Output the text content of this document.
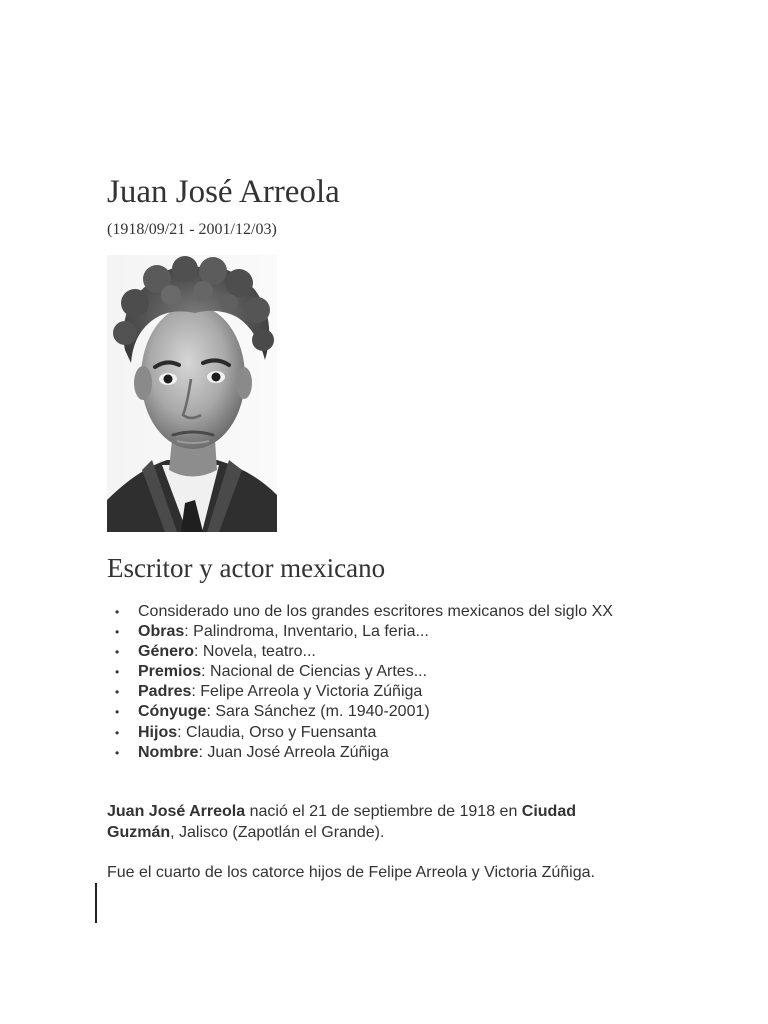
Juan José Arreola
(1918/09/21 - 2001/12/03)
Escritor y actor mexicano
• Considerado uno de los grandes escritores mexicanos del siglo XX
• Obras: Palindroma, Inventario, La feria...
• Género: Novela, teatro...
• Premios: Nacional de Ciencias y Artes...
• Padres: Felipe Arreola y Victoria Zúñiga
• Cónyuge: Sara Sánchez (m. 1940-2001)
• Hijos: Claudia, Orso y Fuensanta
• Nombre: Juan José Arreola Zúñiga

Juan José Arreola nació el 21 de septiembre de 1918 en Ciudad Guzmán, Jalisco (Zapotlán el Grande).

Fue el cuarto de los catorce hijos de Felipe Arreola y Victoria Zúñiga.
